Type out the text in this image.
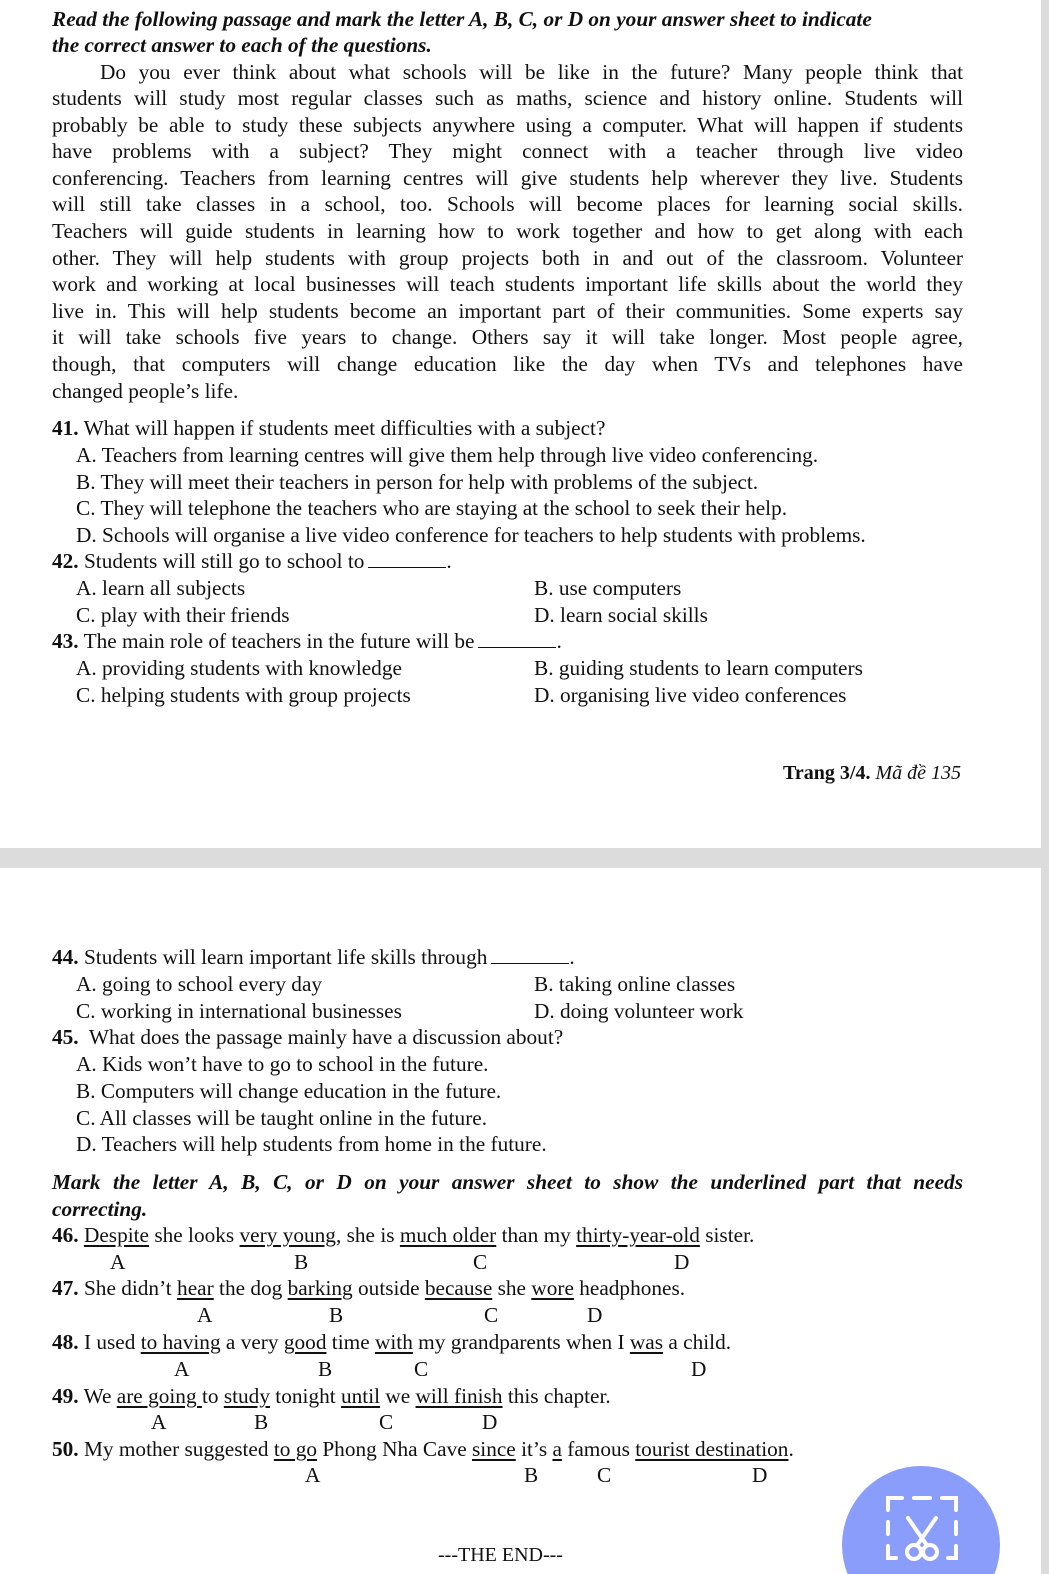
Read the following passage and mark the letter A, B, C, or D on your answer sheet to indicate
the correct answer to each of the questions.
Do you ever think about what schools will be like in the future? Many people think that
students will study most regular classes such as maths, science and history online. Students will
probably be able to study these subjects anywhere using a computer. What will happen if students
have problems with a subject? They might connect with a teacher through live video
conferencing. Teachers from learning centres will give students help wherever they live. Students
will still take classes in a school, too. Schools will become places for learning social skills.
Teachers will guide students in learning how to work together and how to get along with each
other. They will help students with group projects both in and out of the classroom. Volunteer
work and working at local businesses will teach students important life skills about the world they
live in. This will help students become an important part of their communities. Some experts say
it will take schools five years to change. Others say it will take longer. Most people agree,
though, that computers will change education like the day when TVs and telephones have
changed people’s life.
41. What will happen if students meet difficulties with a subject?
A. Teachers from learning centres will give them help through live video conferencing.
B. They will meet their teachers in person for help with problems of the subject.
C. They will telephone the teachers who are staying at the school to seek their help.
D. Schools will organise a live video conference for teachers to help students with problems.
42. Students will still go to school to	.
A. learn all subjects	B. use computers
C. play with their friends	D. learn social skills
43. The main role of teachers in the future will be	.
A. providing students with knowledge	B. guiding students to learn computers
C. helping students with group projects	D. organising live video conferences
Trang 3/4. Mã đề 135
44. Students will learn important life skills through	.
A. going to school every day	B. taking online classes
C. working in international businesses	D. doing volunteer work
45. What does the passage mainly have a discussion about?
A. Kids won’t have to go to school in the future.
B. Computers will change education in the future.
C. All classes will be taught online in the future.
D. Teachers will help students from home in the future.
Mark the letter A, B, C, or D on your answer sheet to show the underlined part that needs
correcting.
46. Despite she looks very young, she is much older than my thirty-year-old sister.
A	B	C	D
47. She didn’t hear the dog barking outside because she wore headphones.
A	B	C	D
48. I used to having a very good time with my grandparents when I was a child.
A	B	C	D
49. We are going to study tonight until we will finish this chapter.
A	B	C	D
50. My mother suggested to go Phong Nha Cave since it’s a famous tourist destination.
A	B	C	D
---THE END---
